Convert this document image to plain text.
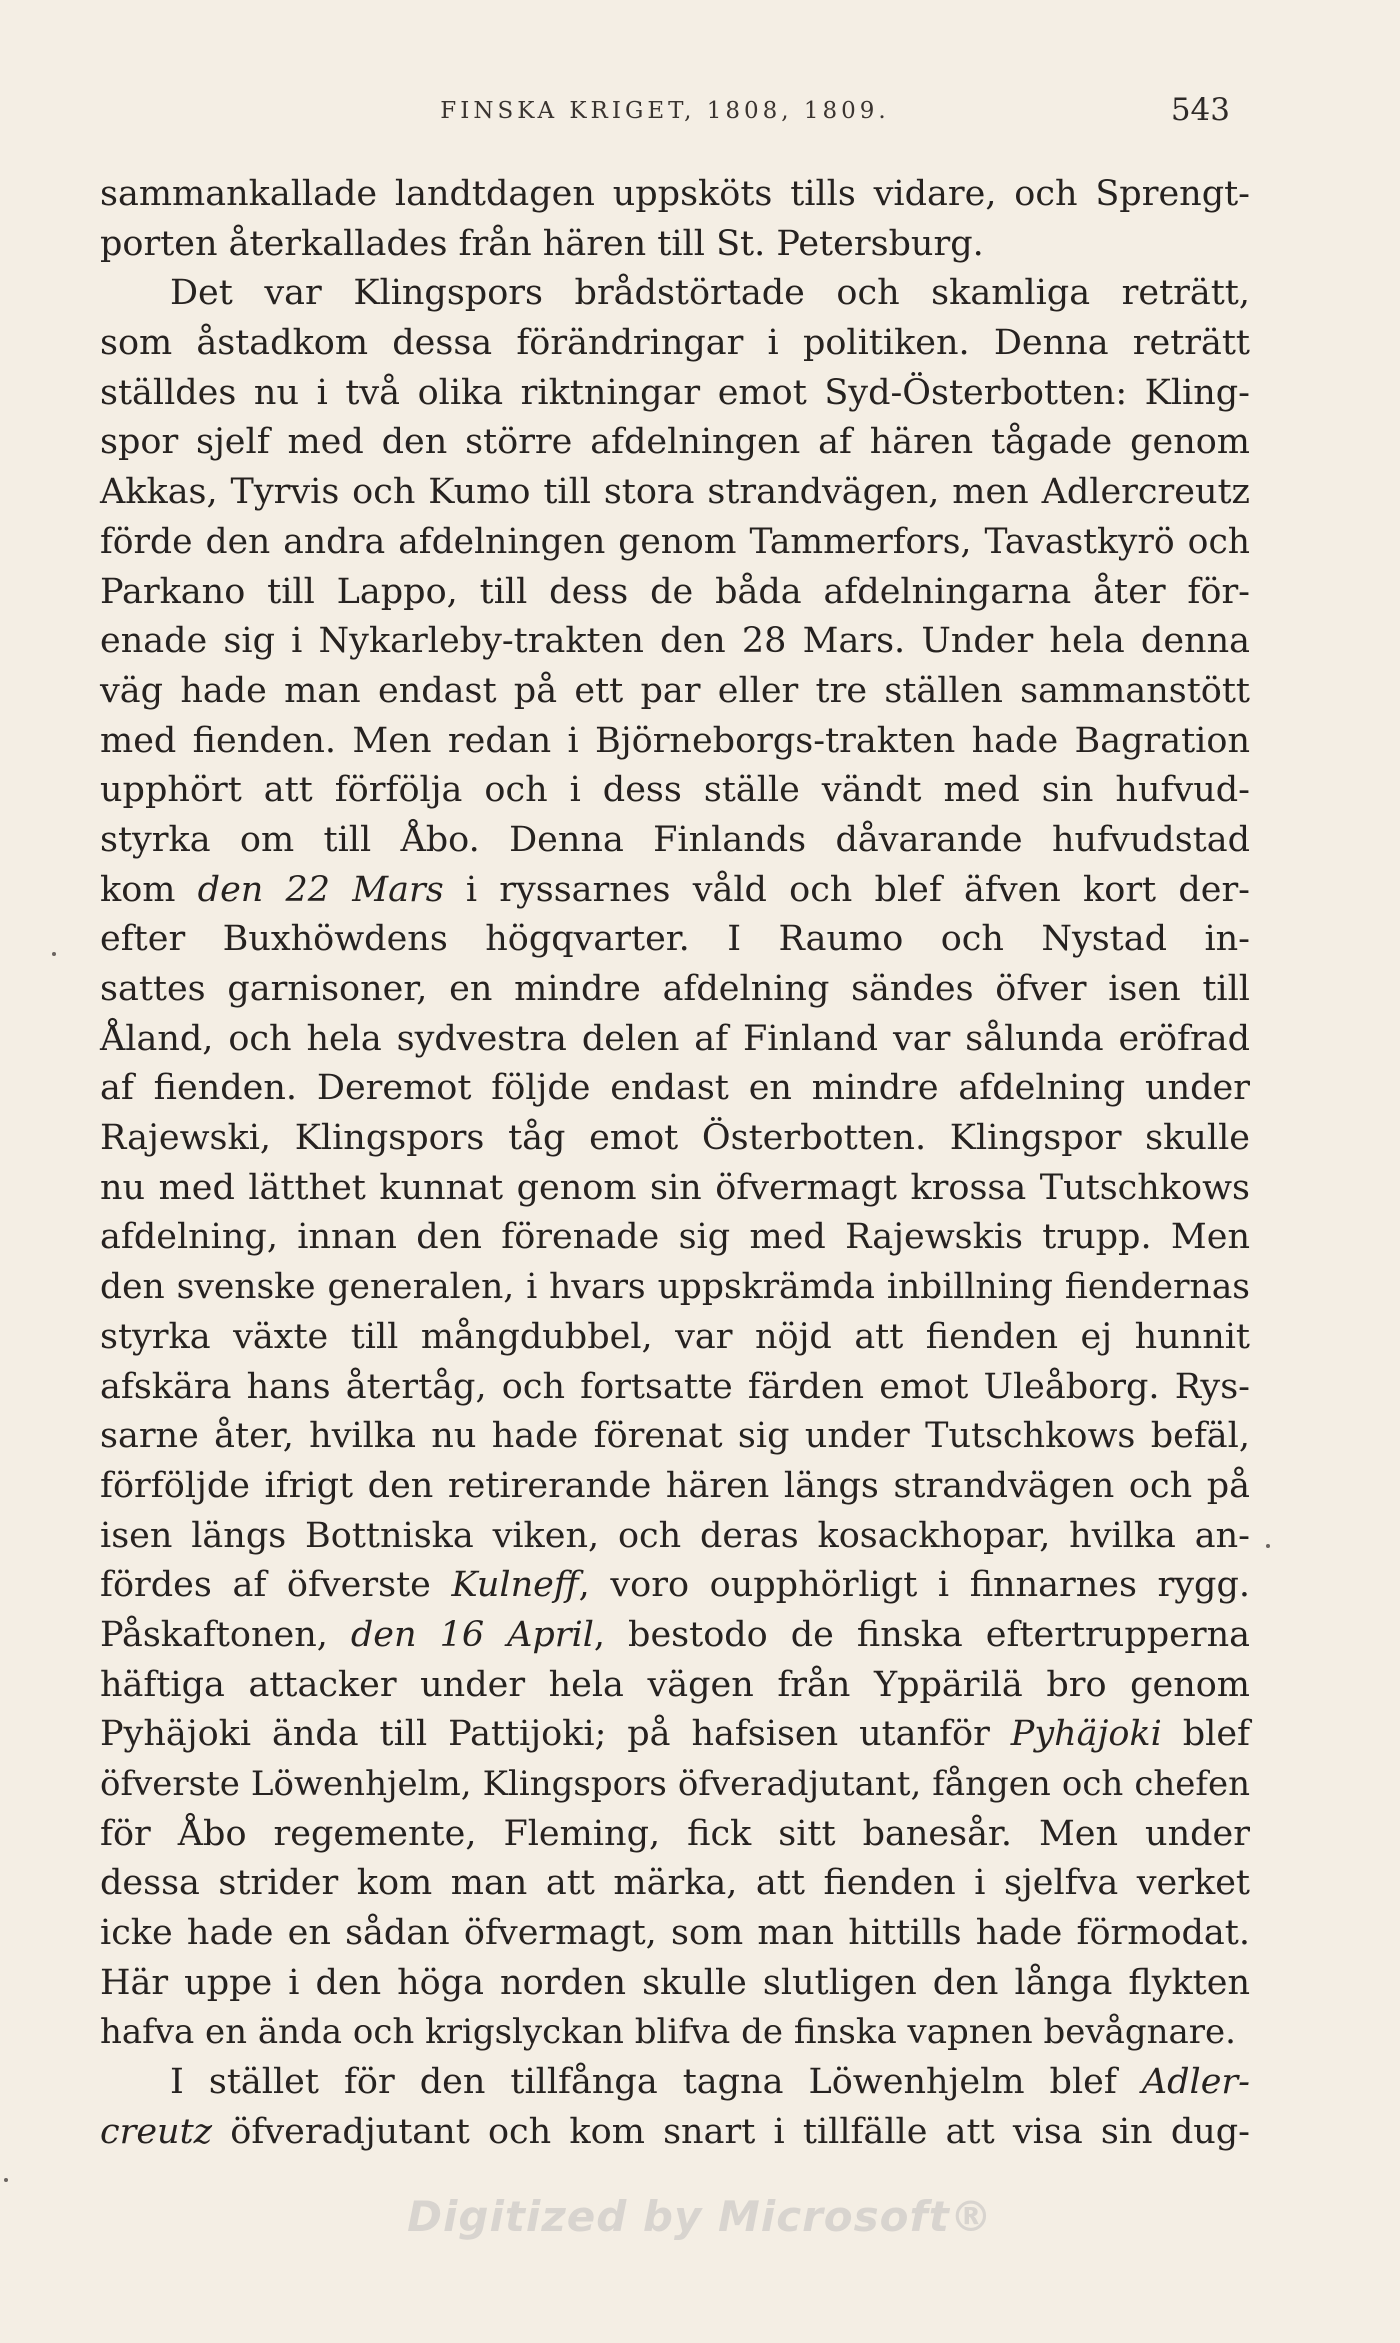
FINSKA KRIGET, 1808, 1809.	543
sammankallade landtdagen uppsköts tills vidare, och Sprengt-
porten återkallades från hären till St. Petersburg.
Det var Klingspors brådstörtade och skamliga reträtt,
som åstadkom dessa förändringar i politiken. Denna reträtt
ställdes nu i två olika riktningar emot Syd-Österbotten: Kling-
spor sjelf med den större afdelningen af hären tågade genom
Akkas, Tyrvis och Kumo till stora strandvägen, men Adlercreutz
förde den andra afdelningen genom Tammerfors, Tavastkyrö och
Parkano till Lappo, till dess de båda afdelningarna åter för-
enade sig i Nykarleby-trakten den 28 Mars. Under hela denna
väg hade man endast på ett par eller tre ställen sammanstött
med fienden. Men redan i Björneborgs-trakten hade Bagration
upphört att förfölja och i dess ställe vändt med sin hufvud-
styrka om till Åbo. Denna Finlands dåvarande hufvudstad
kom den 22 Mars i ryssarnes våld och blef äfven kort der-
efter Buxhöwdens högqvarter. I Raumo och Nystad in-
sattes garnisoner, en mindre afdelning sändes öfver isen till
Åland, och hela sydvestra delen af Finland var sålunda eröfrad
af fienden. Deremot följde endast en mindre afdelning under
Rajewski, Klingspors tåg emot Österbotten. Klingspor skulle
nu med lätthet kunnat genom sin öfvermagt krossa Tutschkows
afdelning, innan den förenade sig med Rajewskis trupp. Men
den svenske generalen, i hvars uppskrämda inbillning fiendernas
styrka växte till mångdubbel, var nöjd att fienden ej hunnit
afskära hans återtåg, och fortsatte färden emot Uleåborg. Rys-
sarne åter, hvilka nu hade förenat sig under Tutschkows befäl,
förföljde ifrigt den retirerande hären längs strandvägen och på
isen längs Bottniska viken, och deras kosackhopar, hvilka an-
fördes af öfverste Kulneff, voro oupphörligt i finnarnes rygg.
Påskaftonen, den 16 April, bestodo de finska eftertrupperna
häftiga attacker under hela vägen från Yppärilä bro genom
Pyhäjoki ända till Pattijoki; på hafsisen utanför Pyhäjoki blef
öfverste Löwenhjelm, Klingspors öfveradjutant, fången och chefen
för Åbo regemente, Fleming, fick sitt banesår. Men under
dessa strider kom man att märka, att fienden i sjelfva verket
icke hade en sådan öfvermagt, som man hittills hade förmodat.
Här uppe i den höga norden skulle slutligen den långa flykten
hafva en ända och krigslyckan blifva de finska vapnen bevågnare.
I stället för den tillfånga tagna Löwenhjelm blef Adler-
creutz öfveradjutant och kom snart i tillfälle att visa sin dug-
Digitized by Microsoft®
